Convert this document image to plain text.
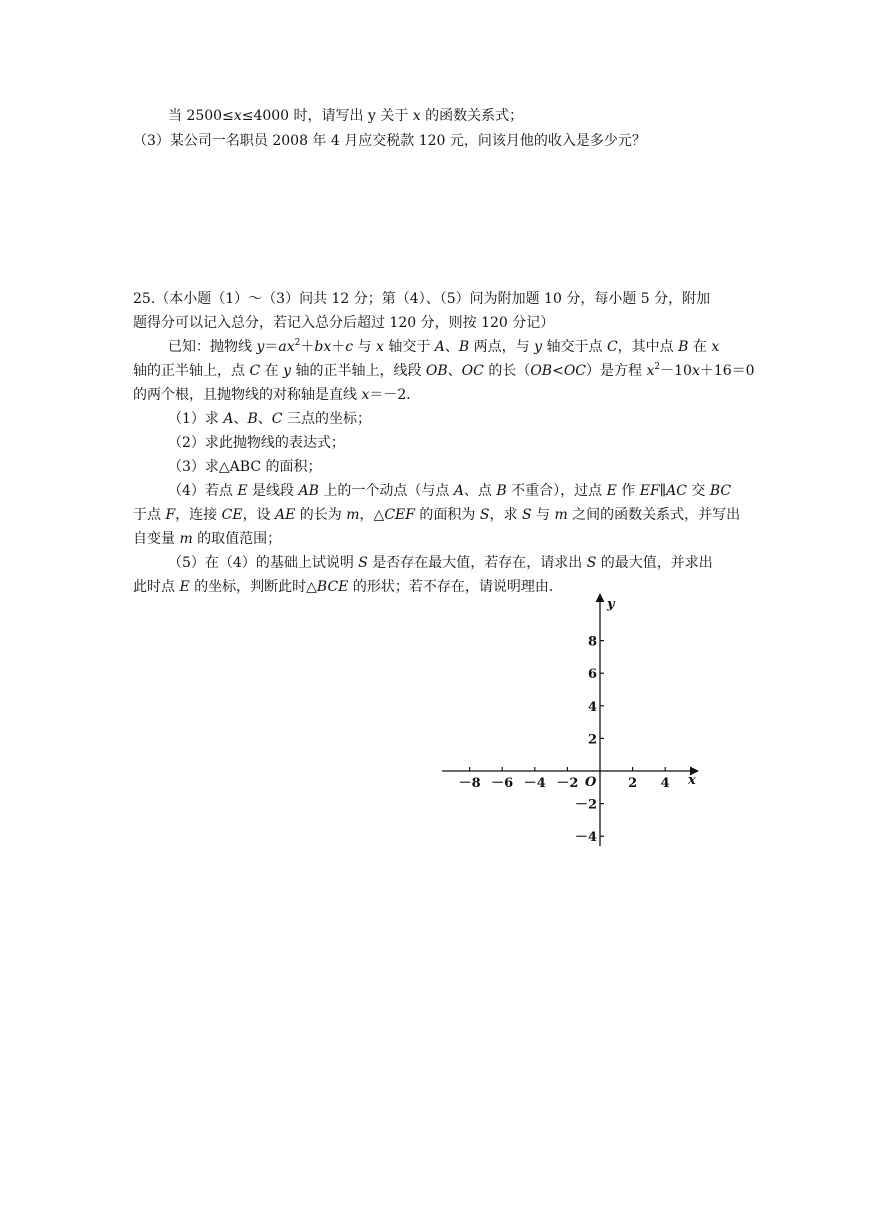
当 2500≤x≤4000 时，请写出 y 关于 x 的函数关系式；
（3）某公司一名职员 2008 年 4 月应交税款 120 元，问该月他的收入是多少元？
25.（本小题（1）～（3）问共 12 分；第（4）、（5）问为附加题 10 分，每小题 5 分，附加
题得分可以记入总分，若记入总分后超过 120 分，则按 120 分记）
已知：抛物线 $y=ax^2+bx+c$ 与 x 轴交于 A、B 两点，与 y 轴交于点 C，其中点 B 在 x
轴的正半轴上，点 C 在 y 轴的正半轴上，线段 OB、OC 的长（OB<OC）是方程 $x^2-10x+16=0$
的两个根，且抛物线的对称轴是直线 x＝－2．
（1）求 A、B、C 三点的坐标；
（2）求此抛物线的表达式；
（3）求△ABC 的面积；
（4）若点 E 是线段 AB 上的一个动点（与点 A、点 B 不重合），过点 E 作 EF∥AC 交 BC
于点 F，连接 CE，设 AE 的长为 m，△CEF 的面积为 S，求 S 与 m 之间的函数关系式，并写出
自变量 m 的取值范围；
（5）在（4）的基础上试说明 S 是否存在最大值，若存在，请求出 S 的最大值，并求出
此时点 E 的坐标，判断此时△BCE 的形状；若不存在，请说明理由．
x
y
O
－8 －6 －4 －2	2 4
8
6
4
2
－2
－4
